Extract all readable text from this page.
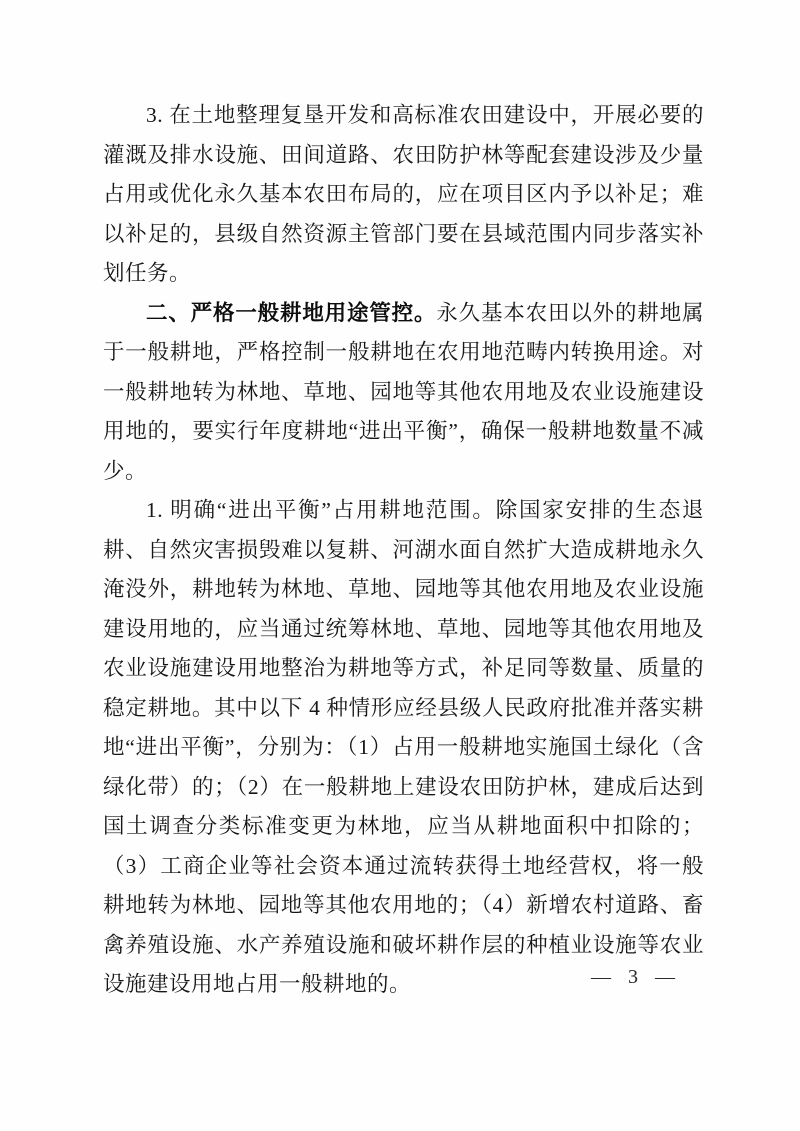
3. 在土地整理复垦开发和高标准农田建设中，开展必要的灌溉及排水设施、田间道路、农田防护林等配套建设涉及少量占用或优化永久基本农田布局的，应在项目区内予以补足；难以补足的，县级自然资源主管部门要在县域范围内同步落实补划任务。

二、严格一般耕地用途管控。永久基本农田以外的耕地属于一般耕地，严格控制一般耕地在农用地范畴内转换用途。对一般耕地转为林地、草地、园地等其他农用地及农业设施建设用地的，要实行年度耕地“进出平衡”，确保一般耕地数量不减少。

1. 明确“进出平衡”占用耕地范围。除国家安排的生态退耕、自然灾害损毁难以复耕、河湖水面自然扩大造成耕地永久淹没外，耕地转为林地、草地、园地等其他农用地及农业设施建设用地的，应当通过统筹林地、草地、园地等其他农用地及农业设施建设用地整治为耕地等方式，补足同等数量、质量的稳定耕地。其中以下 4 种情形应经县级人民政府批准并落实耕地“进出平衡”，分别为：（1）占用一般耕地实施国土绿化（含绿化带）的；（2）在一般耕地上建设农田防护林，建成后达到国土调查分类标准变更为林地，应当从耕地面积中扣除的；（3）工商企业等社会资本通过流转获得土地经营权，将一般耕地转为林地、园地等其他农用地的；（4）新增农村道路、畜禽养殖设施、水产养殖设施和破坏耕作层的种植业设施等农业设施建设用地占用一般耕地的。	— 3 —
